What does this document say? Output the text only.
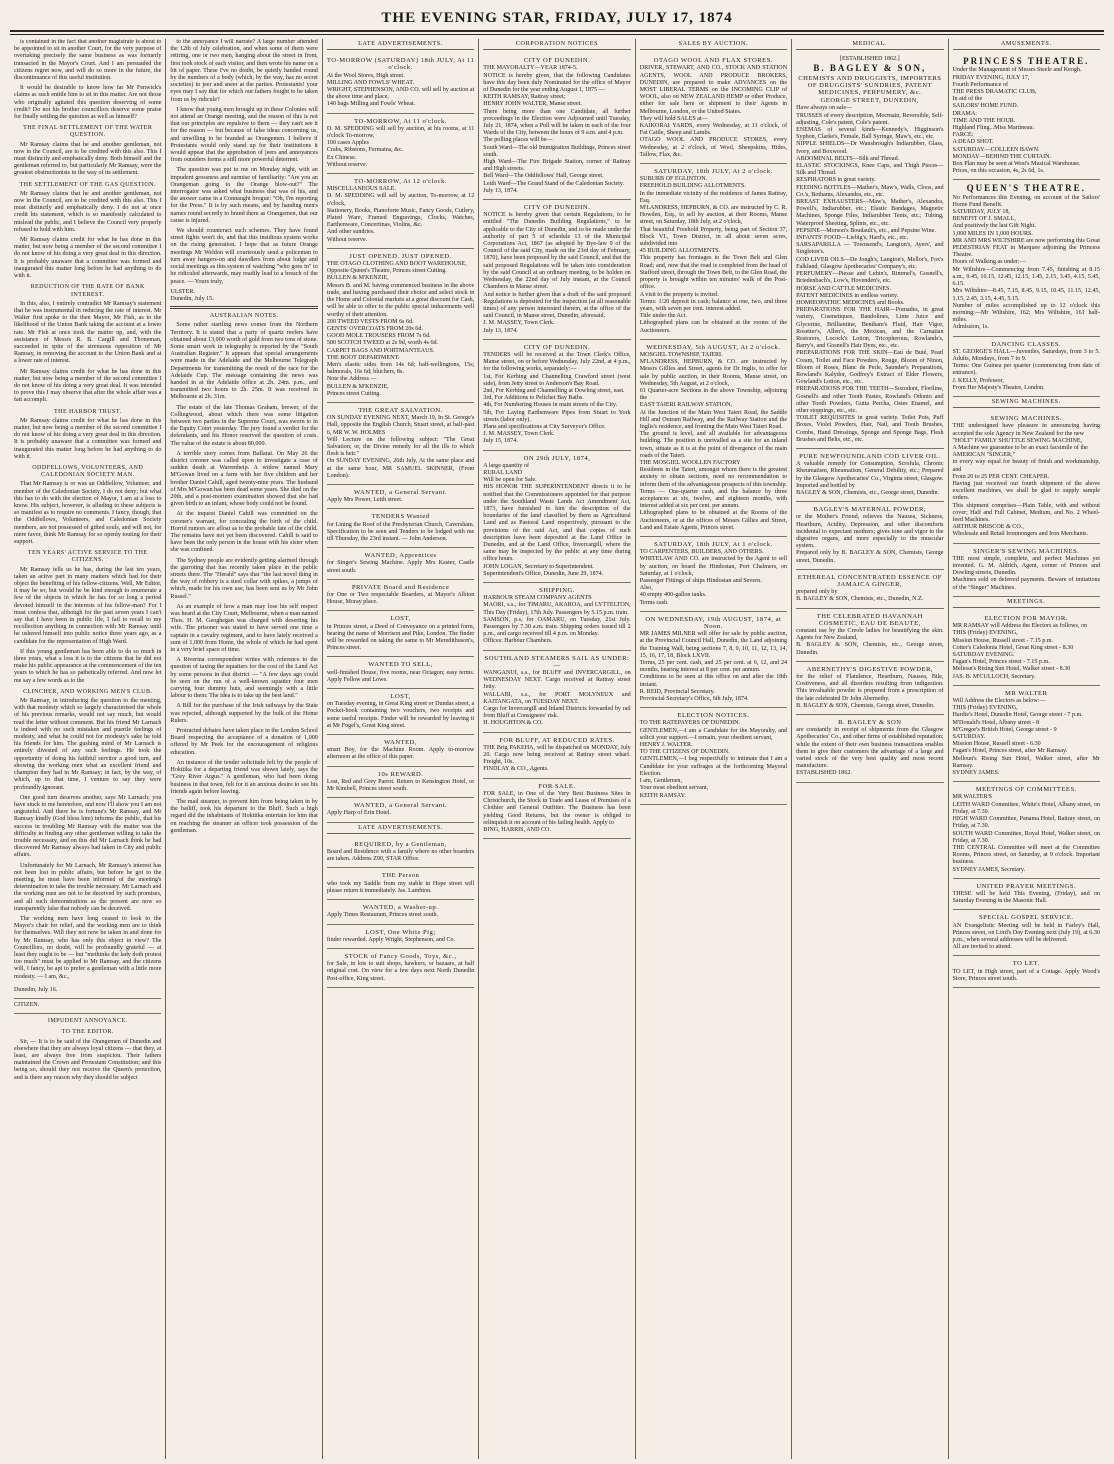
THE EVENING STAR, FRIDAY, JULY 17, 1874

is contained in the fact that another magistrate is about to be appointed to sit in another Court, for the very purpose of overtaking precisely the same business as was formerly transacted in the Mayor's Court. And I am persuaded the citizens regret now, and will do so more in the future, the discontinuance of this useful institution.

It would be desirable to know how far Mr Fenwick's claims as such entitle him to sit in this matter. Are not those who originally agitated this question deserving of some credit? Do not his brother councillors deserve some praise for finally settling the question as well as himself?

THE FINAL SETTLEMENT OF THE WATER QUESTION.

Mr Ramsay claims that he and another gentleman, not now in the Council, are to be credited with this also. This I must distinctly and emphatically deny. Both himself and the gentleman referred to, but particularly Mr Ramsay, were the greatest obstructionists in the way of its settlement.

THE SETTLEMENT OF THE GAS QUESTION.

Mr Ramsay claims that he and another gentleman, not now in the Council, are to be credited with this also. This I must distinctly and emphatically deny. I do not at once credit his statement, which is so manifestly calculated to mislead the public, and I believe the Council very properly refused to hold with him.

Mr Ramsay claims credit for what he has done in this matter, but now being a member of the second committee I do not know of his doing a very great deal in this direction. It is probably unaware that a committee was formed and inaugurated this matter long before he had anything to do with it.

REDUCTION OF THE RATE OF BANK INTEREST.

In this, also, I entirely contradict Mr Ramsay's statement that he was instrumental in reducing the rate of interest. Mr Walter first spoke to the then Mayor, Mr Fish, as to the likelihood of the Union Bank taking the account at a lower rate. Mr Fish at once took the matter up, and, with the assistance of Messrs R. B. Cargill and Thoneman, succeeded in spite of the strenuous opposition of Mr Ramsay, in removing the account to the Union Bank and at a lower rate of interest.

Mr Ramsay claims credit for what he has done in this matter, but now being a member of the second committee I do not know of his doing a very great deal. It was intended to prove this I may observe that after the whole affair was a fait accompli.

THE HARBOR TRUST.

Mr Ramsay claims credit for what he has done in this matter, but now being a member of the second committee I do not know of his doing a very great deal in this direction. It is probably unaware that a committee was formed and inaugurated this matter long before he had anything to do with it.

ODDFELLOWS, VOLUNTEERS, AND CALEDONIAN SOCIETY MAN.

That Mr Ramsay is or was an Oddfellow, Volunteer, and member of the Caledonian Society, I do not deny; but what this has to do with the election of Mayor, I am at a loss to know. His subject, however, is alluding to these subjects is so manifest as to require no comments. I fancy, though, that the Oddfellows, Volunteers, and Caledonian Society members, are not possessed of gifted souls, and will not, for mere favor, think Mr Ramsay for so openly touting for their support.

TEN YEARS' ACTIVE SERVICE TO THE CITIZENS.

Mr Ramsay tells us he has, during the last ten years, taken an active part in many matters which had for their object the benefiting of his fellow-citizens. Well, Mr Editor, it may be so; but would he be kind enough to enumerate a few of the objects in which he has for so long a period devoted himself in the interests of his fellow-man? For I must confess that, although for the past seven years I can't say that I have been in public life, I fail to recall to my recollection anything in connection with Mr Ramsay until he ushered himself into public notice three years ago, as a candidate for the representation of High Ward.

If this young gentleman has been able to do so much in three years, what a loss it is to the citizens that he did not make his public appearance at the commencement of the ten years to which he has so pathetically referred. And now let me say a few words as to the

CLINCHER, AND WORKING MEN'S CLUB.

Mr Ramsay, in introducing the question to the meeting, with that modesty which so largely characterised the whole of his previous remarks, would not say much, but would read the letter without comment. But his friend Mr Larnach is indeed with no such mistaken and puerile feelings of modesty, and what he could not for modesty's sake he told his friends for him. The gushing mind of Mr Larnach is entirely divested of any such feelings. He took the opportunity of doing his faithful servitor a good turn, and showing the working men what an excellent friend and champion they had in Mr Ramsay; in fact, by the way, of which, up to that time, I venture to say they were profoundly ignorant.

One good turn deserves another, says Mr Larnach; you have stuck to me heretofore, and now I'll show you I am not ungrateful. And there he is fortune's Mr Ramsay, and Mr Ramsay kindly (God bless him) informs the public, that his success in troubling Mr Ramsay with the matter was the difficulty in finding any other gentleman willing to take the trouble necessary, and on this did Mr Larnach think he had discovered Mr Ramsay always had taken in City and public affairs.

Unfortunately for Mr Larnach, Mr Ramsay's interest has not been lost in public affairs, but before he got to the meeting, he must have been informed of the meeting's determination to take the trouble necessary. Mr Larnach and the working men are not to be deceived by such promises, and all such demonstrations as the present are now so transparently false that nobody can be deceived.

The working men have long ceased to look to the Mayor's chair for relief, and the working men are to think for themselves. Will they not now be taken in and done for by Mr Ramsay, who has only this object in view? The Councillors, no doubt, will be profoundly grateful — at least they ought to be — but "methinks the lady doth protest too much" must be applied to Mr Ramsay, and the citizens will, I fancy, be apt to prefer a gentleman with a little more modesty. — I am, &c.,

Dunedin, July 16.
CITIZEN.
IMPUDENT ANNOYANCE.
TO THE EDITOR.

Sir, — It is to be said of the Orangemen of Dunedin and elsewhere that they are always loyal citizens — that they, at least, are always free from suspicion. Their fathers maintained the Crown and Protestant Constitution; and this being so, should they not receive the Queen's protection, and is there any reason why they should be subject

to the annoyance I will narrate? A large number attended the 12th of July celebration, and when some of them were retiring, one or two men, hanging about the street in front, first took stock of each visitor, and then wrote his name on a bit of paper. These I've no doubt, be quietly handed round by the numbers of a body (which, by the way, has no secret societies) to jeer and sneer at the parties. Protestants! your eyes may I say that for which our fathers fought to be taken from us by ridicule?

I know that young men brought up in these Colonies will not attend an Orange meeting, and the reason of this is not that our principles are repulsive to them — they can't see it for the reason — but because of false ideas concerning us, and unwilling to be branded as Orangemen. I believe if Protestants would only stand up for their institutions it would appear that the approbation of jeers and annoyances from outsiders forms a still more powerful deterrent.

The question was put to me on Monday night, with an impudent grossness and surmise of familiarity: "Are you an Orangeman going to the Orange blow-out?" The interrogator was asked what business that was of his, and the answer came in a Connaught brogue: "Oh, I'm reporting for the Press." It is by such means, and by handing men's names round secretly to brand them as Orangemen, that our cause is injured.

We should counteract such schemes. They have found street fights won't do, and that this insidious system works on the rising generation. I hope that as future Orange meetings Mr Weldon will courteously send a policeman to turn away hangers-on and dawdlers from about lodge and social meetings as this system of watching "who goes in" to be ridiculed afterwards, may readily lead to a breach of the peace. — Yours truly,

ULSTER.
Dunedin, July 15.
AUSTRALIAN NOTES.

Some rather startling news comes from the Northern Territory. It is stated that a party of quartz reefers have obtained about 13,000 worth of gold from two tons of stone. Some smart work in telegraphy is reported by the "South Australian Register." It appears that special arrangements were made in the Adelaide and the Melbourne Telegraph Departments for transmitting the result of the race for the Adelaide Cup. The message containing the news was handed in at the Adelaide office at 2h. 24m. p.m., and transmitted two hours to 2h. 25m. It was received in Melbourne at 2h. 31m.

The estate of the late Thomas Graham, brewer, of the Collingwood, about which there was some litigation between two parties in the Supreme Court, was sworn to in the Equity Court yesterday. The jury found a verdict for the defendants, and his Honor reserved the question of costs. The value of the estate is about 80,000.

A terrible story comes from Ballarat. On May 26 the district coroner was called upon to investigate a case of sudden death at Warrenheip. A widow named Mary M'Gowan lived on a farm with her five children and her brother Daniel Cahill, aged twenty-nine years. The husband of Mrs M'Gowan has been dead some years. She died on the 20th, and a post-mortem examination showed that she had given birth to an infant, whose body could not be found.

At the inquest Daniel Cahill was committed on the coroner's warrant, for concealing the birth of the child. Horrid rumors are afloat as to the probable fate of the child. The remains have not yet been discovered. Cahill is said to have been the only person in the house with his sister when she was confined.

The Sydney people are evidently getting alarmed through the garroting that has recently taken place in the public streets there. The "Herald" says that "the last novel thing in the way of robbery is a steel collar with spikes, a jumps of which, made for his own use, has been sent us by Mr John Russel."

As an example of how a man may lose his self respect was heard at the City Court, Melbourne, when a man named Thos. H. M. Geoghegan was charged with deserting his wife. The prisoner was stated to have served one time a captain in a cavalry regiment, and to have lately received a sum of 1,000 from Home, the whole of which he had spent in a very brief space of time.

A Riverina correspondent writes with reference to the question of taxing the squatters for the cost of the Land Act by some persons in that district — "A few days ago could be seen on the run of a well-known squatter four men carrying four dummy huts, and seemingly with a little labour to them: The idea is to take up the best land."

A Bill for the purchase of the Irish railways by the State was rejected, although supported by the bulk of the Home Rulers.

Protracted debates have taken place in the London School Board respecting the acceptance of a donation of 1,000 offered by Mr Peek for the encouragement of religious education.

An instance of the tender solicitude felt by the people of Hokitika for a departing friend was shown lately, says the "Grey River Argus." A gentleman, who had been doing business in that town, felt for it an anxious desire to see his friends again before leaving.

The mail steamer, to prevent him from being taken in by the bailiff, took his departure to the Bluff. Such a high regard did the inhabitants of Hokitika entertain for him that on reaching the steamer an officer took possession of the gentleman.

LATE ADVERTISEMENTS.
TO-MORROW (SATURDAY) 18th JULY, At 11 o'clock.

At the Wool Stores, High street.

MILLING AND FOWLS' WHEAT.

WRIGHT, STEPHENSON, AND CO. will sell by auction at the above time and place,

140 bags Milling and Fowls' Wheat.

TO-MORROW, At 11 o'clock.

D. M. SPEDDING will sell by auction, at his rooms, at 11 o'clock To-morrow,

100 cases Apples

Crabs, Ribstons, Fermains, &c.

Ex Chinese.

Without reserve.

TO-MORROW, At 12 o'clock.

MISCELLANEOUS SALE.

D. M. SPEDDING will sell by auction, To-morrow, at 12 o'clock,

Stationery, Books, Pianoforte Music, Fancy Goods, Cutlery, Plated Ware, Framed Engravings, Clocks, Watches, Earthenware, Concertinas, Violins, &c.

And other sundries.

Without reserve.

JUST OPENED. JUST OPENED.

THE OTAGO CLOTHING AND BOOT WAREHOUSE,

Opposite Queen's Theatre, Princes street Cutting.

BULLEN & M'KENZIE,

Messrs B. and M. having commenced business in the above trade, and having purchased their choice and select stock in the Home and Colonial markets at a great discount for Cash, will be able to offer to the public special inducements well worthy of their attention.

200 TWEED VESTS FROM 6s 6d.

GENTS' OVERCOATS FROM 20s 6d.

GOOD MOLE TROUSERS FROM 7s 6d.

500 SCOTCH TWEED at 2s 9d, worth 4s 6d.

CARPET BAGS AND PORTMANTEAUS.

THE BOOT DEPARTMENT.

Men's elastic sides from 14s 6d; half-wellingtons, 15s; balmorals, 16s 6d; bluchers, 8s.

Note the Address —

BULLEN & M'KENZIE,

Princes street Cutting.

THE GREAT SALVATION.

ON SUNDAY EVENING NEXT, March 19, In St. George's Hall, opposite the English Church, Stuart street, at half-past 6, MR W. W. HOLMES

Will Lecture on the following subject: "The Great Salvation; or, the Divine remedy for all the ills to which flesh is heir."

On SUNDAY EVENING, 26th July, At the same place and at the same hour, MR SAMUEL SKINNER, (From London).

WANTED, a General Servant.

Apply Mrs Power, Leith street.

TENDERS Wanted

for Lining the Roof of the Presbyterian Church, Caversham. Specification to be seen and Tenders to be lodged with me till Thursday, the 23rd instant. — John Anderson.

WANTED, Apprentices

for Singer's Sewing Machine. Apply Mrs Kaster, Castle street south.

PRIVATE Board and Residence

for One or Two respectable Boarders, at Mayor's Albion House, Moray place.

LOST,

in Princes street, a Deed of Conveyance on a printed form, bearing the name of Morrison and Pike, London. The finder will be rewarded on taking the same to Mr Meredithuson's, Princes street.

WANTED TO SELL,

well-finished House, five rooms, near Octagon; easy terms. Apply Fellow and Lowe.

LOST,

on Tuesday evening, in Great King street or Dundas street, a Pocket-book containing two vouchers, two receipts and some useful receipts. Finder will be rewarded by leaving it at Mr Fogel's, Great King street.

WANTED,

smart Boy, for the Machine Room. Apply to-morrow afternoon at the office of this paper.

10s REWARD.

Lost, Red and Grey Parrot. Return to Kensington Hotel, or Mr Kimbell, Princes street south.

WANTED, a General Servant.

Apply Harp of Erin Hotel.

LATE ADVERTISEMENTS.
REQUIRED, by a Gentleman,

Board and Residence with a family where no other boarders are taken. Address Z90, STAR Office.

THE Person

who took my Saddle from my stable in Hope street will please return it immediately. Jas. Lambton.

WANTED, a Washer-up.

Apply Times Restaurant, Princes street south.

LOST, One White Pig;

finder rewarded. Apply Wright, Stephenson, and Co.

STOCK of Fancy Goods, Toys, &c.,

for Sale, in lots to suit shops, hawkers, or bazaars, at half original cost. On view for a few days next North Dunedin Post-office, King street.

CORPORATION NOTICES
CITY OF DUNEDIN.

THE MAYORALTY—YEAR 1874-5.

NOTICE is hereby given, that the following Candidates have this day been duly Nominated for the office of Mayor of Dunedin for the year ending August 1, 1875 —

KEITH RAMSAY, Rattray street;

HENRY JOHN WALTER, Manse street.

There being more than one Candidate, all further proceedings in the Election were Adjourned until Tuesday, July 21, 1874, when a Poll will be taken in each of the four Wards of the City, between the hours of 9 a.m. and 4 p.m.

The polling places will be—

South Ward—The old Immigration Buildings, Princes street south.

High Ward—The Fire Brigade Station, corner of Rattray and High streets.

Bell Ward—The Oddfellows' Hall, George street.

Leith Ward—The Grand Stand of the Caledonian Society.

July 13, 1874.

CITY OF DUNEDIN.

NOTICE is hereby given that certain Regulations, to be entitled "The Dunedin Building Regulations," to be applicable to the City of Dunedin, and to be made under the authority of part 5 of schedule 13 of the Municipal Corporations Act, 1867 (as adopted by Bye-law 9 of the Council of the said City, made on the 23rd day of February, 1870), have been proposed by the said Council, and that the said proposed Regulations will be taken into consideration by the said Council at an ordinary meeting, to be holden on Wednesday, the 22nd day of July instant, at the Council Chambers in Manse street.

And notice is further given that a draft of the said proposed Regulations is deposited for the inspection (at all reasonable times) of any person interested therein, at the office of the said Council, in Manse street, Dunedin, aforesaid.

J. M. MASSEY, Town Clerk.

July 13, 1874.

CITY OF DUNEDIN.

TENDERS will be received at the Town Clerk's Office, Manse street, on or before Wednesday, July 22nd, at 4 p.m., for the following works, separately:—

1st, For Kerbing and Channelling Crawford street (west side), from Jetty street to Anderson's Bay Road.

2nd, For Kerbing and Channelling at Dowling street, east.

3rd, For Additions to Pelichet Bay Baths.

4th, For Numbering Houses in main streets of the City.

5th, For Laying Earthenware Pipes from Stuart to York streets (labor only).

Plans and specifications at City Surveyor's Office.

J. M. MASSEY, Town Clerk.

July 15, 1874.

ON 29th JULY, 1874,

A large quantity of

RURAL LAND

Will be open for Sale.

HIS HONOR THE SUPERINTENDENT directs it to be notified that the Commissioners appointed for that purpose under the Southland Waste Lands Act Amendment Act, 1873, have furnished to him the description of the boundaries of the land classified by them as Agricultural Land and as Pastoral Land respectively, pursuant to the provisions of the said Act, and that copies of such description have been deposited at the Land Office in Dunedin, and at the Land Office, Invercargill, where the same may be inspected by the public at any time during office hours.

JOHN LOGAN, Secretary to Superintendent.

Superintendent's Office, Dunedin, June 29, 1874.

SHIPPING.

HARBOUR STEAM COMPANY AGENTS

MAORI, s.s., for TIMARU, AKAROA, and LYTTELTON, This Day (Friday), 17th July. Passengers by 5.15 p.m. train.

SAMSON, p.s, for OAMARU, on Tuesday, 21st July. Passengers by 7.30 a.m. train. Shipping orders issued till 2 p.m., and cargo received till 4 p.m. on Monday.

Offices: Harbour Chambers.

SOUTHLAND STEAMERS SAIL AS UNDER:—

WANGANUI, s.s., for BLUFF and INVERCARGILL, on WEDNESDAY NEXT. Cargo received at Rattray street Jetty.

WALLABI, s.s., for PORT MOLYNEUX and KAITANGATA, on TUESDAY NEXT.

Cargo for Invercargill and Inland Districts forwarded by rail from Bluff at Consignees' risk.

H. HOUGHTON & CO.

FOR BLUFF, AT REDUCED RATES.

THE Brig PAKEHA, will be dispatched on MONDAY, July 20. Cargo now being received at Rattray street wharf. Freight, 10s.

FINDLAY & CO., Agents.

FOR SALE.

FOR SALE, in One of the Very Best Business Sites in Christchurch, the Stock in Trade and Lease of Premises of a Clothier and General Outfitter. The Business has been yielding Good Returns, but the owner is obliged to relinquish it on account of his failing health. Apply to

BING, HARRIS, AND CO.

SALES BY AUCTION.
OTAGO WOOL AND FLAX STORES.

DRIVER, STEWART, AND CO., STOCK AND STATION AGENTS, WOOL AND PRODUCE BROKERS, DUNEDIN, are prepared to make ADVANCES on the MOST LIBERAL TERMS on the INCOMING CLIP of WOOL, also on NEW ZEALAND HEMP or other Produce, either for sale here or shipment to their Agents in Melbourne, London, or the United States.

They will hold SALES at—

KAIKORAI YARDS, every Wednesday, at 11 o'clock, of Fat Cattle, Sheep and Lambs.

OTAGO WOOL AND PRODUCE STORES, every Wednesday, at 2 o'clock, of Wool, Sheepskins, Hides, Tallow, Flax, &c.

SATURDAY, 18th JULY, At 2 o'clock.

SUBURB OF EGLINTON.

FREEHOLD BUILDING ALLOTMENTS.

In the immediate vicinity of the residence of James Rattray, Esq.

M'LANDRESS, HEPBURN, & CO. are instructed by C. R. Howden, Esq., to sell by auction, at their Rooms, Manse street, on Saturday, 18th July, at 2 o'clock,

That beautiful Freehold Property, being part of Section 37, Block VI., Town District, in all about seven acres, subdivided into

45 BUILDING ALLOTMENTS.

This property has frontages to the Town Belt and Glen Road; and, now that the road is completed from the head of Stafford street, through the Town Belt, to the Glen Road, the property is brought within ten minutes' walk of the Post-office.

A visit to the property is invited.

Terms: 1/20 deposit in cash; balance at one, two, and three years, with seven per cent. interest added.

Title under the Act.

Lithographed plans can be obtained at the rooms of the Auctioneers.

WEDNESDAY, 5th AUGUST, At 2 o'clock.

MOSGIEL TOWNSHIP, TAIERI.

M'LANDRESS, HEPBURN, & CO. are instructed by Messrs Gillies and Street, agents for Dr Inglis, to offer for sale by public auction, in their Rooms, Manse street, on Wednesday, 5th August, at 2 o'clock,

61 Quarter-acre Sections in the above Township, adjoining the

EAST TAIERI RAILWAY STATION,

At the Junction of the Main West Taieri Road, the Saddle Hill and Outram Railway, and the Railway Station and the Inglis's residence, and fronting the Main West Taieri Road.

The ground is level, and all available for advantageous building. The position is unrivalled as a site for an inland town, situate as it is at the point of divergence of the main roads of the Taieri.

THE MOSGIEL WOOLLEN FACTORY

Residents in the Taieri, amongst whom there is the greatest anxiety to obtain sections, need no recommendation to inform them of the advantageous prospects of this township.

Terms — One-quarter cash, and the balance by three acceptances at six, twelve, and eighteen months, with interest added at six per cent. per annum.

Lithographed plans to be obtained at the Rooms of the Auctioneers, or at the offices of Messrs Gillies and Street, Land and Estate Agents, Princes street.

SATURDAY, 18th JULY, At 1 o'clock.

TO CARPENTERS, BUILDERS, AND OTHERS.

WHITELAW AND CO. are instructed by the Agent to sell by auction, on board the Hindostan, Port Chalmers, on Saturday, at 1 o'clock,

Passenger Fittings of ships Hindostan and Severn.

Also,

40 empty 400-gallon tanks.

Terms cash.

ON WEDNESDAY, 19th AUGUST, 1874, at Noon.

MR JAMES MILNER will offer for sale by public auction, at the Provincial Council Hall, Dunedin, the Land adjoining the Training Wall, being sections 7, 8, 9, 10, 11, 12, 13, 14, 15, 16, 17, 18, Block LXVII.

Terms, 25 per cent. cash, and 25 per cent. at 6, 12, and 24 months, bearing interest at 8 per cent. per annum.

Conditions to be seen at this office on and after the 18th instant.

R. REID, Provincial Secretary.

Provincial Secretary's Office, 6th July, 1874.

ELECTION NOTICES.

TO THE RATEPAYERS OF DUNEDIN.

GENTLEMEN,—I am a Candidate for the Mayoralty, and solicit your support.—I remain, your obedient servant,

HENRY J. WALTER.

TO THE CITIZENS OF DUNEDIN.

GENTLEMEN,—I beg respectfully to intimate that I am a Candidate for your suffrages at the forthcoming Mayoral Election.

I am, Gentlemen,

Your most obedient servant,

KEITH RAMSAY.

MEDICAL.
[ESTABLISHED 1862.]
B. BAGLEY & SON,
CHEMISTS AND DRUGGISTS, IMPORTERS OF DRUGGISTS' SUNDRIES, PATENT MEDICINES, PERFUMERY, &c.
GEORGE STREET, DUNEDIN,

Have always on sale—

TRUSSES of every description, Mocmain, Reversible, Self-adjusting, Cole's patent, Cole's patent.

ENEMAS of several kinds—Kennedy's, Higginson's Syphon, Clarke's, Female, Ball Syringe, Maw's, etc., etc.

NIPPLE SHIELDS—Dr Wansbrough's Indiarubber, Glass, Ivory, and Boxwood.

ABDOMINAL BELTS—Silk and Thread.

ELASTIC STOCKINGS, Knee Caps, and Thigh Pieces—Silk and Thread.

RESPIRATORS in great variety.

FEEDING BOTTLES—Mather's, Maw's, Walls, Cloos, and Co.'s, Bothams, Alexandra, etc., etc.

BREAST EXHAUSTERS—Maw's, Mather's, Alexandra, Powell's, Indiarubber, etc.; Elastic Bandages, Magnetic Machines, Sponge Files, Indiarubber Tents, etc.; Tubing, Waterproof Sheeting, Splints, etc., etc.

PEPSINE—Morson's Boudault's, etc., and Pepsine Wine.

INFANTS' FOOD—Liebig's, Hard's, etc., etc.

SARSAPARILLA — Townsend's, Langton's, Ayers', and Singleton's.

COD LIVER OILS—De Jongh's, Langton's, Mellor's, Fox's Falkland, Glasgow Apothecaries' Company's, etc.

PERFUMERY—Piesse and Lubin's, Rimmel's, Gosnell's, Briedenbach's, Low's, Hovenden's, etc.

HORSE AND CATTLE MEDICINES.

PATENT MEDICINES in endless variety.

HOMŒOPATHIC MEDICINES and Books.

PREPARATIONS FOR THE HAIR—Pomades, in great variety, Cosmetiques, Bandolines, Lime Juice and Glycerine, Brilliantine, Bentham's Fluid, Hair Vigor, Rosetter's, Allen's, the Mexican, and the Carnatian Restorers, Locock's Lotion, Tricopherous, Rowlands's, Barry's, and Gosnell's Hair Dyes, etc., etc.

PREPARATIONS FOR THE SKIN—Eau de Buté, Pearl Cream, Toilet and Face Powders, Rouge, Bloom of Ninon, Bloom of Roses, Blanc de Perle, Saunder's Preparations, Rowland's Kalydor, Godfrey's Extract of Elder Flowers, Gowland's Lotion, etc., etc.

PREPARATIONS FOR THE TEETH—Sozodont, Floriline, Gosnell's and other Tooth Pastes, Rowland's Odonto and other Tooth Powders, Gutta Percha, Ostes Enamel, and other stoppings, etc., etc.

TOILET REQUISITES in great variety. Toilet Pots, Puff Boxes, Violet Powders, Hair, Nail, and Tooth Brushes, Combs, Hand Dressings, Sponge and Sponge Bags, Flesh Brushes and Belts, etc., etc.

PURE NEWFOUNDLAND COD LIVER OIL.

A valuable remedy for Consumption, Scrofula, Chronic Rheumatism, Rheumatism, General Debility, etc.; Prepared by the Glasgow Apothecaries' Co., Virginia street, Glasgow. Imported and bottled by

BAGLEY & SON, Chemists, etc., George street, Dunedin.

BAGLEY'S MATERNAL POWDER,

or the Mother's Friend, relieves the Nausea, Sickness, Heartburn, Acidity, Depression, and other discomforts incidental to expectant mothers; gives tone and vigor to the digestive organs, and more especially to the muscular system.

Prepared only by B. BAGLEY & SON, Chemists, George street, Dunedin.

ETHEREAL CONCENTRATED ESSENCE OF JAMAICA GINGER,

prepared only by

B. BAGLEY & SON, Chemists, etc., Dunedin, N.Z.

THE CELEBRATED HAVANNAH COSMETIC, EAU DE BEAUTE,

constant use by the Creole ladies for beautifying the skin. Agents for New Zealand,

B. BAGLEY & SON, Chemists, etc., George street, Dunedin.

ABERNETHY'S DIGESTIVE POWDER,

for the relief of Flatulence, Heartburn, Nausea, Bile, Costiveness, and all disorders resulting from indigestion. This invaluable powder is prepared from a prescription of the late celebrated Dr John Abernethy.

B. BAGLEY & SON, Chemists, George street, Dunedin.

B. BAGLEY & SON

are constantly in receipt of shipments from the Glasgow Apothecaries' Co., and other firms of established reputation; while the extent of their own business transactions enables them to give their customers the advantage of a large and varied stock of the very best quality and most recent manufacture.

ESTABLISHED 1862.

AMUSEMENTS.
PRINCESS THEATRE.

Under the Management of Messrs Steele and Keogh.

FRIDAY EVENING, JULY 17,

Fourth Performance of

THE PRESS DRAMATIC CLUB,

In aid of the

SAILORS' HOME FUND.

DRAMA:

TIME AND THE HOUR.

Highland Fling...Miss Martineau.

FARCE:

A DEAD SHOT.

SATURDAY—COLLEEN BAWN.

MONDAY—BEHIND THE CURTAIN.

Box Plan may be seen at West's Musical Warehouse.

Prices, on this occasion, 4s, 2s 6d, 1s.

QUEEN'S THEATRE.

No Performances this Evening, on account of the Sailors' Home Fund Benefit.

SATURDAY, JULY 18,

BENEFIT OF J. SMALL,

And positively the last Gift Night.

1,000 MILES IN 1,000 HOURS.

MR AND MRS WILTSHIRE are now performing this Great PEDESTRIAN FEAT in Marquee adjoining the Princess Theatre.

Hours of Walking as under:—

Mr Wiltshire—Commencing from 7.45, finishing at 8.15 a.m., 9.45, 10.15, 12.45, 12.15, 1.45, 2.15, 3.45, 4.15, 5.45, 6.15.

Mrs Wiltshire—8.45, 7.15, 8.45, 9.15, 10.45, 11.15, 12.45, 1.15, 2.45, 3.15, 4.45, 5.15.

Number of miles accomplished up to 12 o'clock this morning:—Mr Wiltshire, 162; Mrs Wiltshire, 161 half-miles.

Admission, 1s.

DANCING CLASSES.

ST. GEORGE'S HALL—Juveniles, Saturdays, from 3 to 5. Adults, Mondays, from 7 to 9.

Terms: One Guinea per quarter (commencing from date of entrance).

J. KELLY, Professor,

From Her Majesty's Theatre, London.

SEWING MACHINES.
SEWING MACHINES.

THE undersigned have pleasure in announcing having accepted the sole Agency in New Zealand for the new

"HOLT" FAMILY SHUTTLE SEWING MACHINE,

A Machine we guarantee to be an exact facsimile of the

AMERICAN "SINGER,"

in every way equal for beauty of finish and workmanship, and

From 20 to 25 PER CENT. CHEAPER.

Having just received our fourth shipment of the above excellent machines, we shall be glad to supply sample orders.

This shipment comprises—Plain Table, with and without cover; Half and Full Cabinet, Medium, and No. 2 Wheel-feed Machines.

ARTHUR BRISCOE & CO.,

Wholesale and Retail Ironmongers and Iron Merchants.

SINGER'S SEWING MACHINES.

THE most simple, complete, and perfect Machines yet invented. G. M. Aldrich, Agent, corner of Princes and Dowling streets, Dunedin.

Machines sold on deferred payments. Beware of imitations of the "Singer" Machines.

MEETINGS.
ELECTION FOR MAYOR.

MR RAMSAY will Address the Electors as follows, on

THIS (Friday) EVENING,

Mission House, Russell street - 7.15 p.m.

Cotter's Caledonia Hotel, Great King street - 8.30

SATURDAY EVENING.

Fagan's Hotel, Princes street - 7.15 p.m.

Meliosn's Rising Sun Hotel, Walker street - 8.30

JAS. B. M'CULLOCH, Secretary.

MR WALTER

Will Address the Electors as below:—

THIS (Friday) EVENING,

Hardie's Hotel, Dunedin Hotel, George street - 7 p.m.

M'Donald's Hotel, Albany street - 8

M'Gregor's British Hotel, George street - 9

SATURDAY.

Mission House, Russell street - 6.30

Fagan's Hotel, Princes street, after Mr Ramsay.

Melloun's Rising Sun Hotel, Walker street, after Mr Ramsay.

SYDNEY JAMES.

MEETINGS OF COMMITTEES.

MR WALTER'S

LEITH WARD Committee, White's Hotel, Albany street, on Friday, at 7.30.

HIGH WARD Committee, Panama Hotel, Rattray street, on Friday, at 7.30.

SOUTH WARD Committee, Royal Hotel, Walker street, on Friday, at 7.30.

THE CENTRAL Committee will meet at the Committee Rooms, Princes street, on Saturday, at 9 o'clock. Important business.

SYDNEY JAMES, Secretary.

UNITED PRAYER MEETINGS.

THESE will be held This Evening, (Friday), and on Saturday Evening in the Masonic Hall.

SPECIAL GOSPEL SERVICE.

AN Evangelistic Meeting will be held in Farley's Hall, Princes street, on Lord's Day Evening next (July 19), at 6.30 p.m., when several addresses will be delivered.

All are invited to attend.

TO LET.

TO LET, in High street, part of a Cottage. Apply Wood's Store, Princes street south.
